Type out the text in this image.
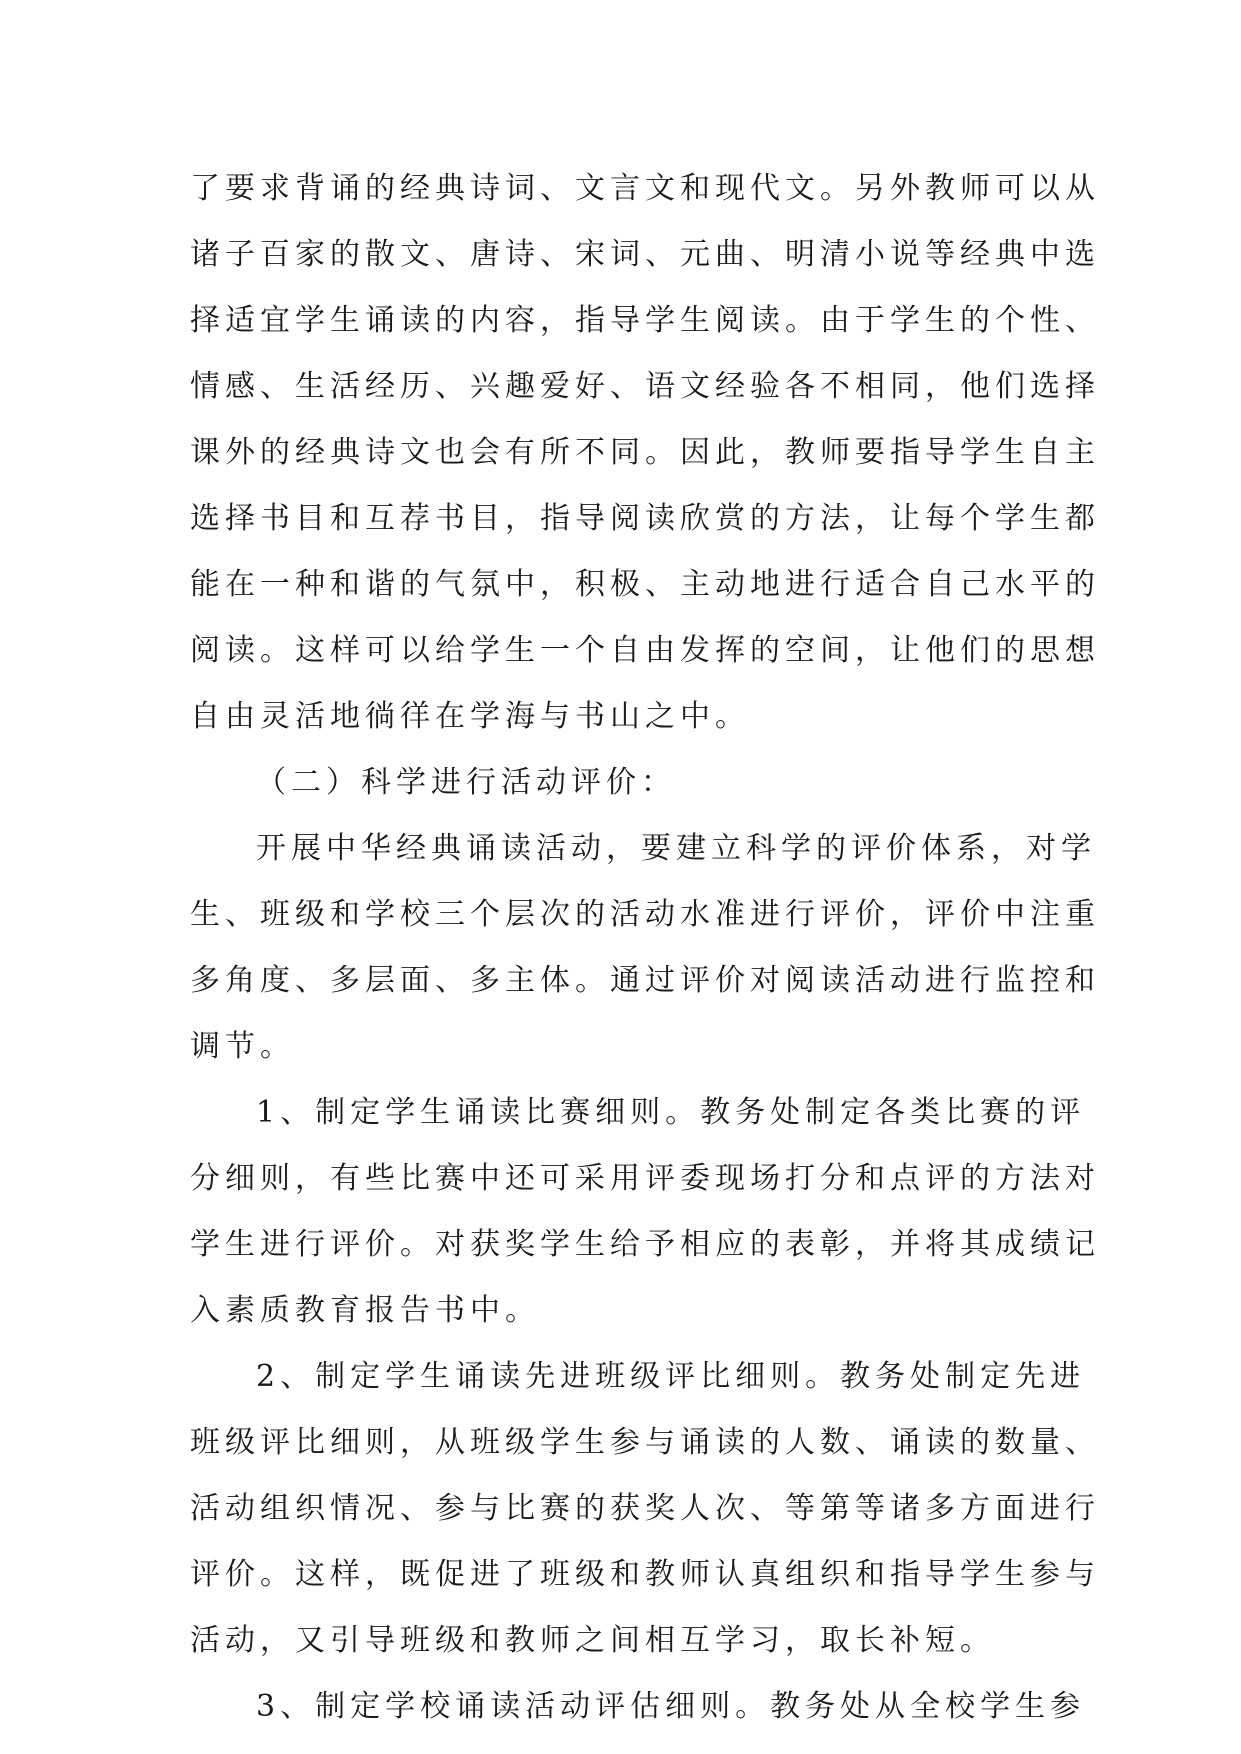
了要求背诵的经典诗词、文言文和现代文。另外教师可以从
诸子百家的散文、唐诗、宋词、元曲、明清小说等经典中选
择适宜学生诵读的内容，指导学生阅读。由于学生的个性、
情感、生活经历、兴趣爱好、语文经验各不相同，他们选择
课外的经典诗文也会有所不同。因此，教师要指导学生自主
选择书目和互荐书目，指导阅读欣赏的方法，让每个学生都
能在一种和谐的气氛中，积极、主动地进行适合自己水平的
阅读。这样可以给学生一个自由发挥的空间，让他们的思想
自由灵活地徜徉在学海与书山之中。
（二）科学进行活动评价：
开展中华经典诵读活动，要建立科学的评价体系，对学
生、班级和学校三个层次的活动水准进行评价，评价中注重
多角度、多层面、多主体。通过评价对阅读活动进行监控和
调节。
1、制定学生诵读比赛细则。教务处制定各类比赛的评
分细则，有些比赛中还可采用评委现场打分和点评的方法对
学生进行评价。对获奖学生给予相应的表彰，并将其成绩记
入素质教育报告书中。
2、制定学生诵读先进班级评比细则。教务处制定先进
班级评比细则，从班级学生参与诵读的人数、诵读的数量、
活动组织情况、参与比赛的获奖人次、等第等诸多方面进行
评价。这样，既促进了班级和教师认真组织和指导学生参与
活动，又引导班级和教师之间相互学习，取长补短。
3、制定学校诵读活动评估细则。教务处从全校学生参
